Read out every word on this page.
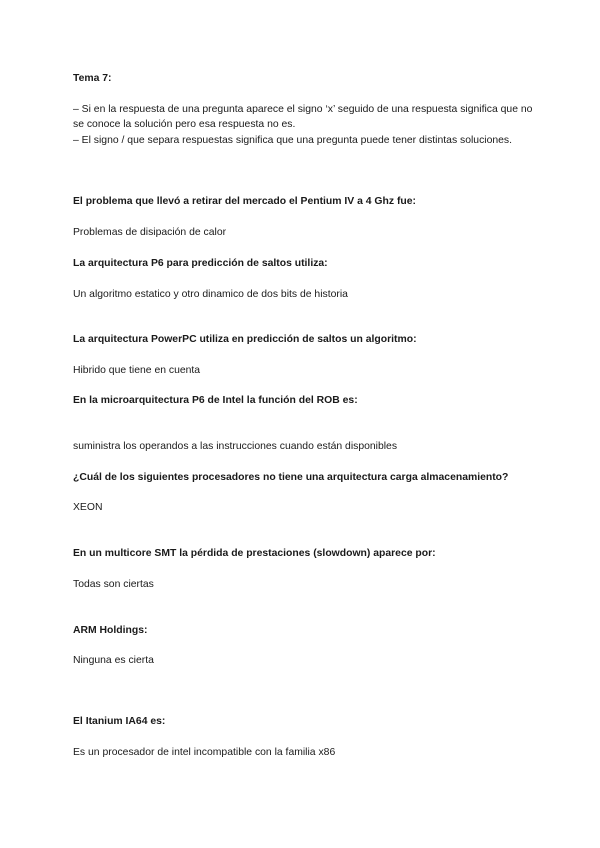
Tema 7:
– Si en la respuesta de una pregunta aparece el signo ‘x’ seguido de una respuesta significa que no se conoce la solución pero esa respuesta no es.
– El signo / que separa respuestas significa que una pregunta puede tener distintas soluciones.
El problema que llevó a retirar del mercado el Pentium IV a 4 Ghz fue:
Problemas de disipación de calor
La arquitectura P6 para predicción de saltos utiliza:
Un algoritmo estatico y otro dinamico de dos bits de historia
La arquitectura PowerPC utiliza en predicción de saltos un algoritmo:
Hibrido que tiene en cuenta
En la microarquitectura P6 de Intel la función del ROB es:
suministra los operandos a las instrucciones cuando están disponibles
¿Cuál de los siguientes procesadores no tiene una arquitectura carga almacenamiento?
XEON
En un multicore SMT la pérdida de prestaciones (slowdown) aparece por:
Todas son ciertas
ARM Holdings:
Ninguna es cierta
El Itanium IA64 es:
Es un procesador de intel incompatible con la familia x86
